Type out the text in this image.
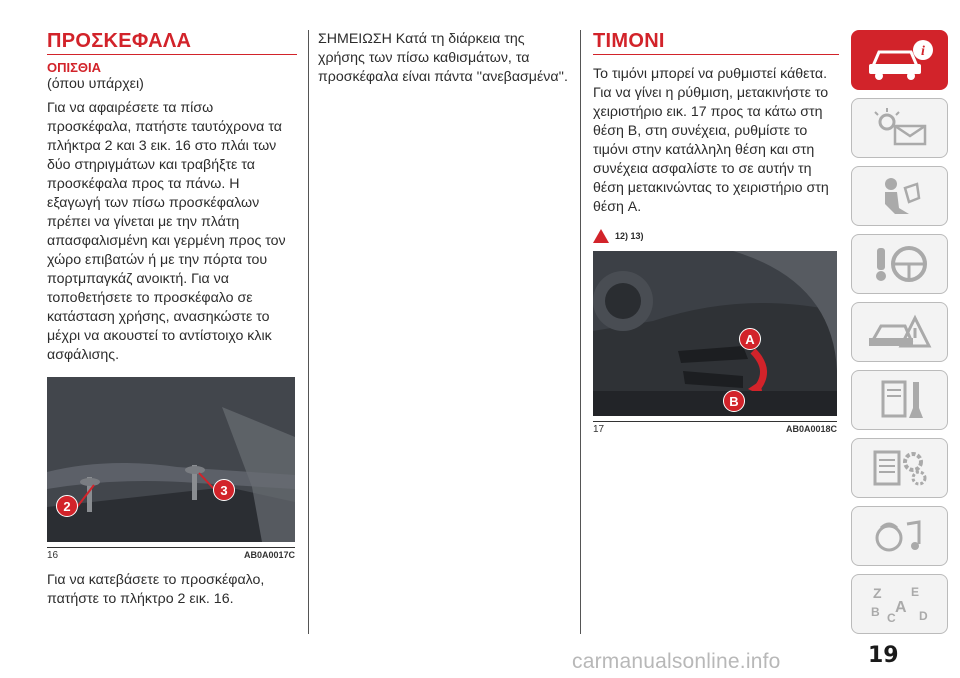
ΠΡΟΣΚΕΦΑΛΑ
ΟΠΙΣΘΙΑ
(όπου υπάρχει)
Για να αφαιρέσετε τα πίσω προσκέφαλα, πατήστε ταυτόχρονα τα πλήκτρα 2 και 3 εικ. 16 στο πλάι των δύο στηριγμάτων και τραβήξτε τα προσκέφαλα προς τα πάνω. Η εξαγωγή των πίσω προσκέφαλων πρέπει να γίνεται με την πλάτη απασφαλισμένη και γερμένη προς τον χώρο επιβατών ή με την πόρτα του πορτμπαγκάζ ανοικτή. Για να τοποθετήσετε το προσκέφαλο σε κατάσταση χρήσης, ανασηκώστε το μέχρι να ακουστεί το αντίστοιχο κλικ ασφάλισης.
2
3
16	AB0A0017C
Για να κατεβάσετε το προσκέφαλο, πατήστε το πλήκτρο 2 εικ. 16.
ΣΗΜΕΙΩΣΗ Κατά τη διάρκεια της χρήσης των πίσω καθισμάτων, τα προσκέφαλα είναι πάντα ''ανεβασμένα''.
ΤΙΜΟΝΙ
Το τιμόνι μπορεί να ρυθμιστεί κάθετα. Για να γίνει η ρύθμιση, μετακινήστε το χειριστήριο εικ. 17 προς τα κάτω στη θέση B, στη συνέχεια, ρυθμίστε το τιμόνι στην κατάλληλη θέση και στη συνέχεια ασφαλίστε το σε αυτήν τη θέση μετακινώντας το χειριστήριο στη θέση A.
12) 13)
A
B
17	AB0A0018C
i
Z E
B A
C D
19
carmanualsonline.info
